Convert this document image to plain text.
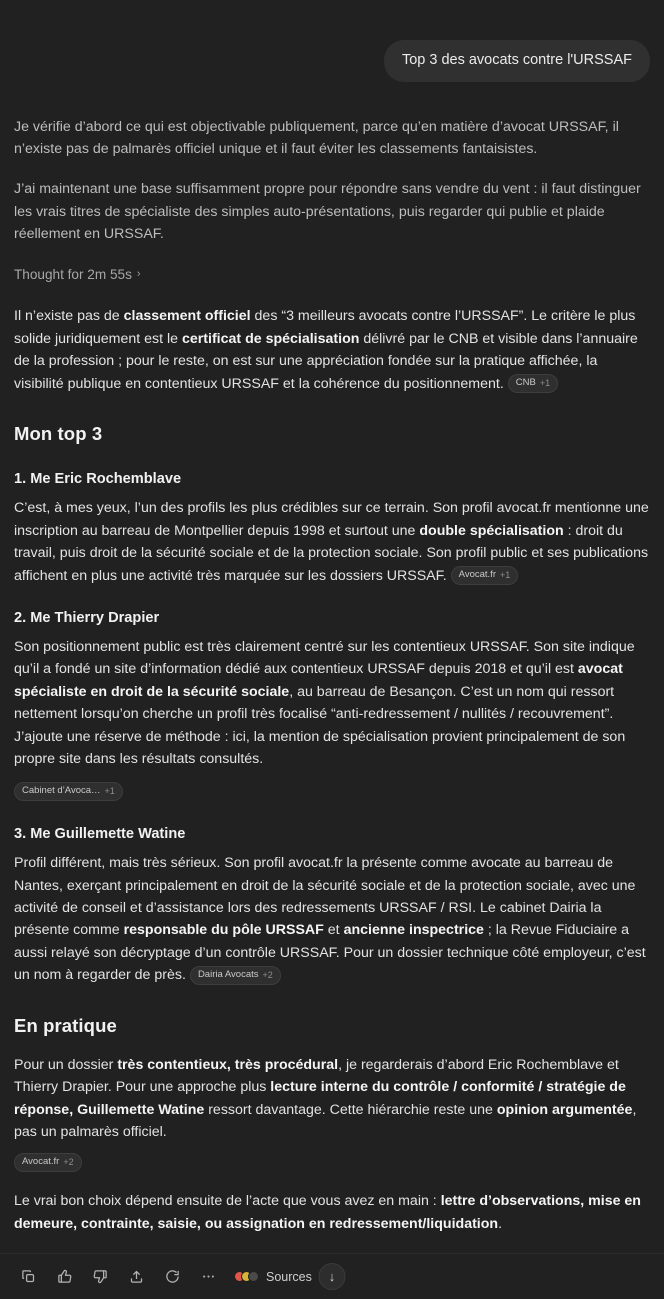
Top 3 des avocats contre l'URSSAF

Je vérifie d’abord ce qui est objectivable publiquement, parce qu’en matière d’avocat URSSAF, il n’existe pas de palmarès officiel unique et il faut éviter les classements fantaisistes.

J’ai maintenant une base suffisamment propre pour répondre sans vendre du vent : il faut distinguer les vrais titres de spécialiste des simples auto-présentations, puis regarder qui publie et plaide réellement en URSSAF.

Thought for 2m 55s ›

Il n’existe pas de classement officiel des “3 meilleurs avocats contre l’URSSAF”. Le critère le plus solide juridiquement est le certificat de spécialisation délivré par le CNB et visible dans l’annuaire de la profession ; pour le reste, on est sur une appréciation fondée sur la pratique affichée, la visibilité publique en contentieux URSSAF et la cohérence du positionnement. CNB +1

Mon top 3
1. Me Eric Rochemblave

C’est, à mes yeux, l’un des profils les plus crédibles sur ce terrain. Son profil avocat.fr mentionne une inscription au barreau de Montpellier depuis 1998 et surtout une double spécialisation : droit du travail, puis droit de la sécurité sociale et de la protection sociale. Son profil public et ses publications affichent en plus une activité très marquée sur les dossiers URSSAF. Avocat.fr +1

2. Me Thierry Drapier

Son positionnement public est très clairement centré sur les contentieux URSSAF. Son site indique qu’il a fondé un site d’information dédié aux contentieux URSSAF depuis 2018 et qu’il est avocat spécialiste en droit de la sécurité sociale, au barreau de Besançon. C’est un nom qui ressort nettement lorsqu’on cherche un profil très focalisé “anti-redressement / nullités / recouvrement”. J’ajoute une réserve de méthode : ici, la mention de spécialisation provient principalement de son propre site dans les résultats consultés.

Cabinet d’Avoca… +1
3. Me Guillemette Watine

Profil différent, mais très sérieux. Son profil avocat.fr la présente comme avocate au barreau de Nantes, exerçant principalement en droit de la sécurité sociale et de la protection sociale, avec une activité de conseil et d’assistance lors des redressements URSSAF / RSI. Le cabinet Dairia la présente comme responsable du pôle URSSAF et ancienne inspectrice ; la Revue Fiduciaire a aussi relayé son décryptage d’un contrôle URSSAF. Pour un dossier technique côté employeur, c’est un nom à regarder de près. Dairia Avocats +2

En pratique

Pour un dossier très contentieux, très procédural, je regarderais d’abord Eric Rochemblave et Thierry Drapier. Pour une approche plus lecture interne du contrôle / conformité / stratégie de réponse, Guillemette Watine ressort davantage. Cette hiérarchie reste une opinion argumentée, pas un palmarès officiel.

Avocat.fr +2

Le vrai bon choix dépend ensuite de l’acte que vous avez en main : lettre d’observations, mise en demeure, contrainte, saisie, ou assignation en redressement/liquidation.

Sources ↓
